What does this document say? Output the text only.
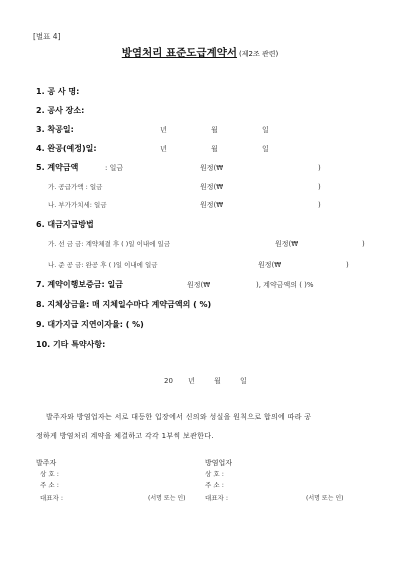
[별표 4]
방염처리 표준도급계약서 (제2조 관련)
1. 공 사 명:
2. 공사 장소:
3. 착공일:	년	월	일
4. 완공(예정)일:	년	월	일
5. 계약금액	: 일금	원정(₩	)
가. 공급가액 : 일금	원정(₩	)
나. 부가가치세: 일금	원정(₩	)
6. 대금지급방법
가. 선 금 금: 계약체결 후 ( )일 이내에 일금	원정(₩	)
나. 준 공 금: 완공 후 ( )일 이내에 일금	원정(₩	)
7. 계약이행보증금: 일금	원정(₩	), 계약금액의 ( )%
8. 지체상금율: 매 지체일수마다 계약금액의 ( %)
9. 대가지급 지연이자율: ( %)
10. 기타 특약사항:
20 년	월	일
발주자와 방염업자는 서로 대등한 입장에서 신의와 성실을 원칙으로 합의에 따라 공
정하게 방염처리 계약을 체결하고 각각 1부씩 보관한다.
발주자
상 호 :
주 소 :
대표자 :	(서명 또는 인)
방염업자
상 호 :
주 소 :
대표자 :	(서명 또는 인)
